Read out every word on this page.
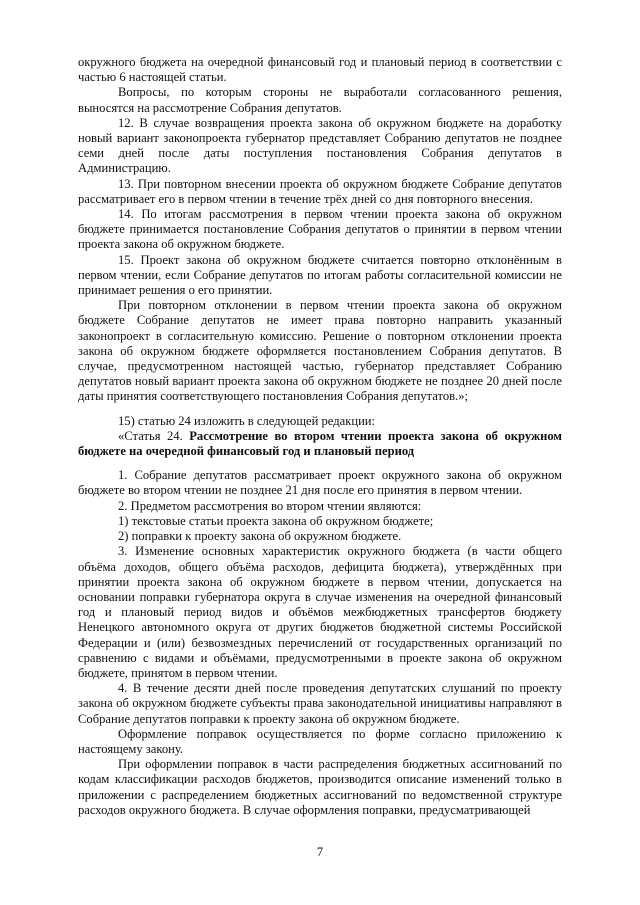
окружного бюджета на очередной финансовый год и плановый период в соответствии с частью 6 настоящей статьи.

Вопросы, по которым стороны не выработали согласованного решения, выносятся на рассмотрение Собрания депутатов.

12. В случае возвращения проекта закона об окружном бюджете на доработку новый вариант законопроекта губернатор представляет Собранию депутатов не позднее семи дней после даты поступления постановления Собрания депутатов в Администрацию.

13. При повторном внесении проекта об окружном бюджете Собрание депутатов рассматривает его в первом чтении в течение трёх дней со дня повторного внесения.

14. По итогам рассмотрения в первом чтении проекта закона об окружном бюджете принимается постановление Собрания депутатов о принятии в первом чтении проекта закона об окружном бюджете.

15. Проект закона об окружном бюджете считается повторно отклонённым в первом чтении, если Собрание депутатов по итогам работы согласительной комиссии не принимает решения о его принятии.

При повторном отклонении в первом чтении проекта закона об окружном бюджете Собрание депутатов не имеет права повторно направить указанный законопроект в согласительную комиссию. Решение о повторном отклонении проекта закона об окружном бюджете оформляется постановлением Собрания депутатов. В случае, предусмотренном настоящей частью, губернатор представляет Собранию депутатов новый вариант проекта закона об окружном бюджете не позднее 20 дней после даты принятия соответствующего постановления Собрания депутатов.»;

15) статью 24 изложить в следующей редакции:

«Статья 24. Рассмотрение во втором чтении проекта закона об окружном бюджете на очередной финансовый год и плановый период

1. Собрание депутатов рассматривает проект окружного закона об окружном бюджете во втором чтении не позднее 21 дня после его принятия в первом чтении.

2. Предметом рассмотрения во втором чтении являются:

1) текстовые статьи проекта закона об окружном бюджете;

2) поправки к проекту закона об окружном бюджете.

3. Изменение основных характеристик окружного бюджета (в части общего объёма доходов, общего объёма расходов, дефицита бюджета), утверждённых при принятии проекта закона об окружном бюджете в первом чтении, допускается на основании поправки губернатора округа в случае изменения на очередной финансовый год и плановый период видов и объёмов межбюджетных трансфертов бюджету Ненецкого автономного округа от других бюджетов бюджетной системы Российской Федерации и (или) безвозмездных перечислений от государственных организаций по сравнению с видами и объёмами, предусмотренными в проекте закона об окружном бюджете, принятом в первом чтении.

4. В течение десяти дней после проведения депутатских слушаний по проекту закона об окружном бюджете субъекты права законодательной инициативы направляют в Собрание депутатов поправки к проекту закона об окружном бюджете.

Оформление поправок осуществляется по форме согласно приложению к настоящему закону.

При оформлении поправок в части распределения бюджетных ассигнований по кодам классификации расходов бюджетов, производится описание изменений только в приложении с распределением бюджетных ассигнований по ведомственной структуре расходов окружного бюджета. В случае оформления поправки, предусматривающей

7
